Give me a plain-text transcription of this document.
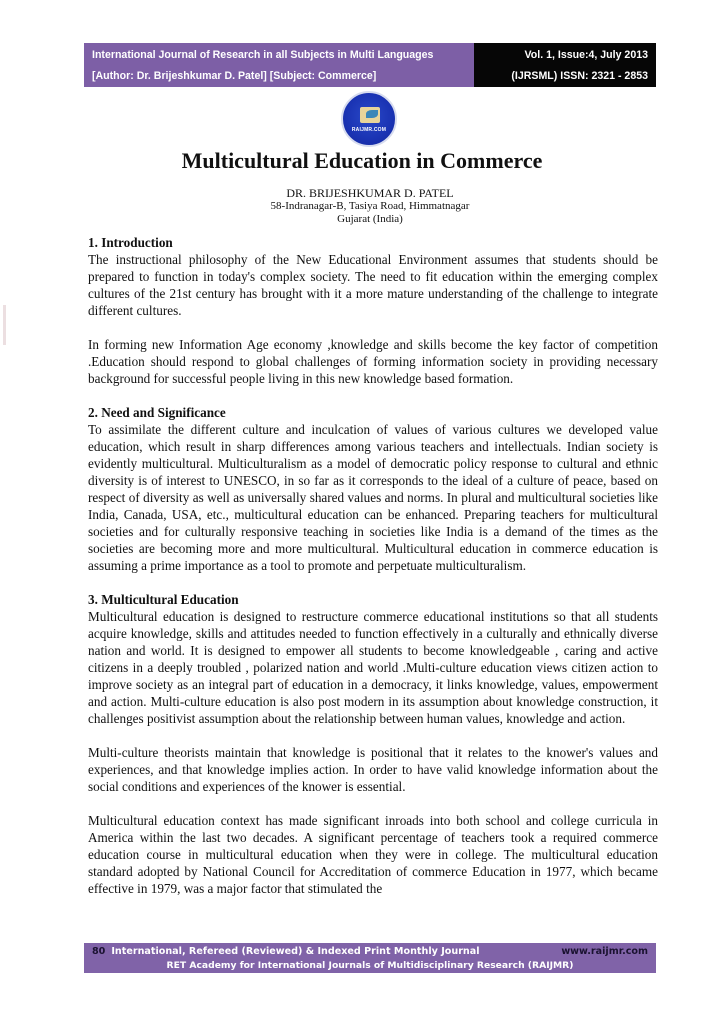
International Journal of Research in all Subjects in Multi Languages
[Author: Dr. Brijeshkumar D. Patel] [Subject: Commerce]
Vol. 1, Issue:4, July 2013
(IJRSML) ISSN: 2321 - 2853
RAIJMR.COM
Multicultural Education in Commerce
DR. BRIJESHKUMAR D. PATEL
58-Indranagar-B, Tasiya Road, Himmatnagar
Gujarat (India)
1. Introduction

The instructional philosophy of the New Educational Environment assumes that students should be prepared to function in today's complex society. The need to fit education within the emerging complex cultures of the 21st century has brought with it a more mature understanding of the challenge to integrate different cultures.

In forming new Information Age economy ,knowledge and skills become the key factor of competition .Education should respond to global challenges of forming information society in providing necessary background for successful people living in this new knowledge based formation.

2. Need and Significance

To assimilate the different culture and inculcation of values of various cultures we developed value education, which result in sharp differences among various teachers and intellectuals. Indian society is evidently multicultural. Multiculturalism as a model of democratic policy response to cultural and ethnic diversity is of interest to UNESCO, in so far as it corresponds to the ideal of a culture of peace, based on respect of diversity as well as universally shared values and norms. In plural and multicultural societies like India, Canada, USA, etc., multicultural education can be enhanced. Preparing teachers for multicultural societies and for culturally responsive teaching in societies like India is a demand of the times as the societies are becoming more and more multicultural. Multicultural education in commerce education is assuming a prime importance as a tool to promote and perpetuate multiculturalism.

3. Multicultural Education

Multicultural education is designed to restructure commerce educational institutions so that all students acquire knowledge, skills and attitudes needed to function effectively in a culturally and ethnically diverse nation and world. It is designed to empower all students to become knowledgeable , caring and active citizens in a deeply troubled , polarized nation and world .Multi-culture education views citizen action to improve society as an integral part of education in a democracy, it links knowledge, values, empowerment and action. Multi-culture education is also post modern in its assumption about knowledge construction, it challenges positivist assumption about the relationship between human values, knowledge and action.

Multi-culture theorists maintain that knowledge is positional that it relates to the knower's values and experiences, and that knowledge implies action. In order to have valid knowledge information about the social conditions and experiences of the knower is essential.

Multicultural education context has made significant inroads into both school and college curricula in America within the last two decades. A significant percentage of teachers took a required commerce education course in multicultural education when they were in college. The multicultural education standard adopted by National Council for Accreditation of commerce Education in 1977, which became effective in 1979, was a major factor that stimulated the

80 International, Refereed (Reviewed) & Indexed Print Monthly Journal	www.raijmr.com
RET Academy for International Journals of Multidisciplinary Research (RAIJMR)
